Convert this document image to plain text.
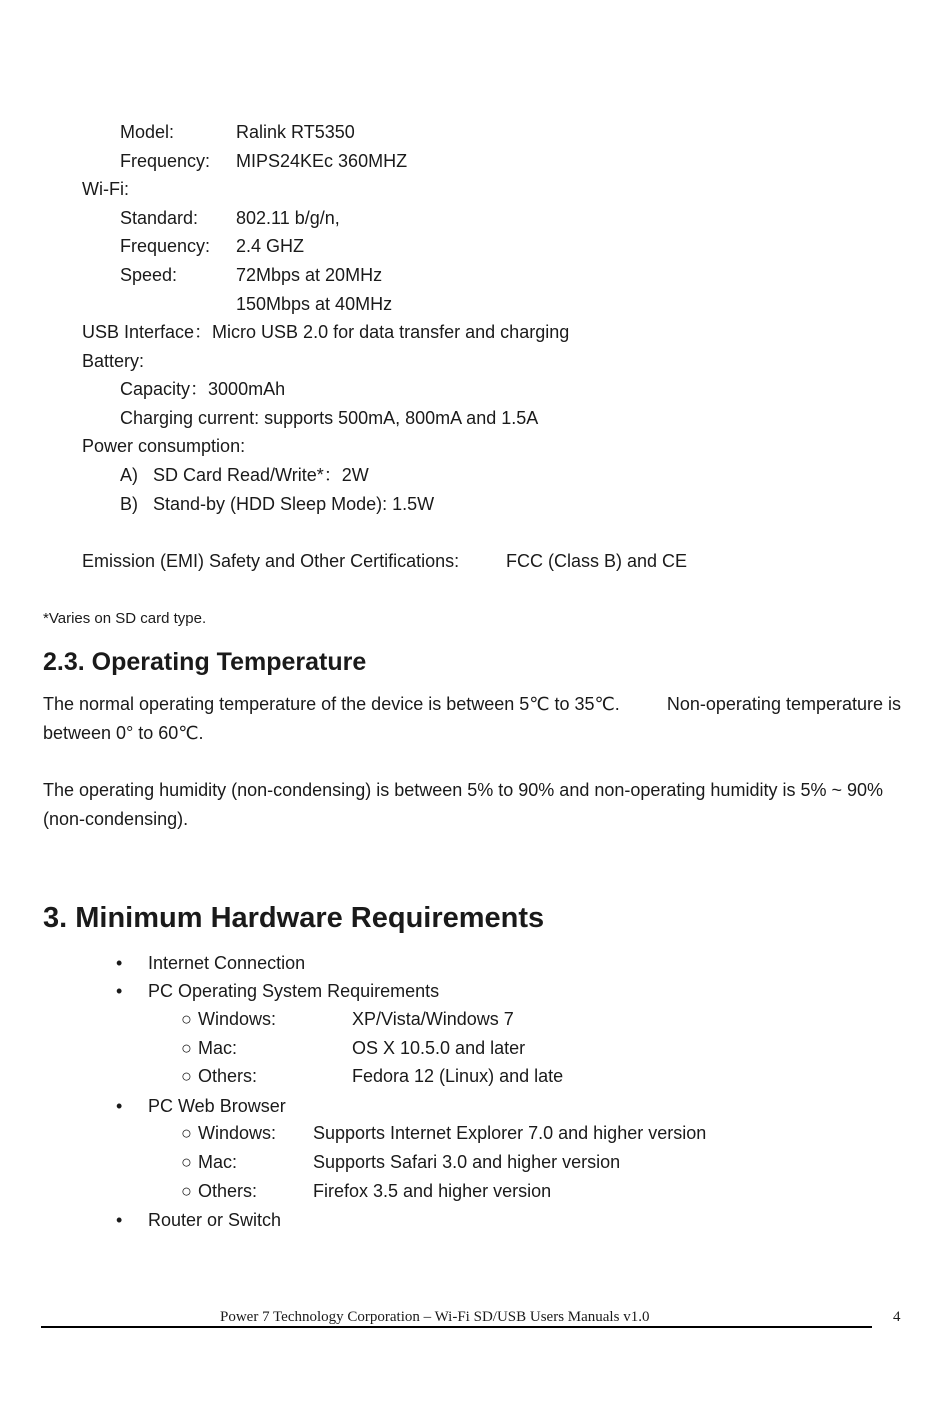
Model:	Ralink RT5350
Frequency: MIPS24KEc 360MHZ
Wi-Fi:
Standard: 802.11 b/g/n,
Frequency: 2.4 GHZ
Speed:	72Mbps at 20MHz
150Mbps at 40MHz
USB Interface：Micro USB 2.0 for data transfer and charging
Battery:
Capacity：3000mAh
Charging current: supports 500mA, 800mA and 1.5A
Power consumption:
A) SD Card Read/Write*：2W
B) Stand-by (HDD Sleep Mode): 1.5W
Emission (EMI) Safety and Other Certifications:	FCC (Class B) and CE
*Varies on SD card type.
2.3. Operating Temperature
The normal operating temperature of the device is between 5℃ to 35℃.	Non-operating temperature is
between 0° to 60℃.
The operating humidity (non-condensing) is between 5% to 90% and non-operating humidity is 5% ~ 90%
(non-condensing).
3. Minimum Hardware Requirements
• Internet Connection
• PC Operating System Requirements
○ Windows:	XP/Vista/Windows 7
○ Mac:	OS X 10.5.0 and later
○ Others:	Fedora 12 (Linux) and late
• PC Web Browser
○ Windows: Supports Internet Explorer 7.0 and higher version
○ Mac:	Supports Safari 3.0 and higher version
○ Others:	Firefox 3.5 and higher version
• Router or Switch
Power 7 Technology Corporation – Wi-Fi SD/USB Users Manuals v1.0	4
